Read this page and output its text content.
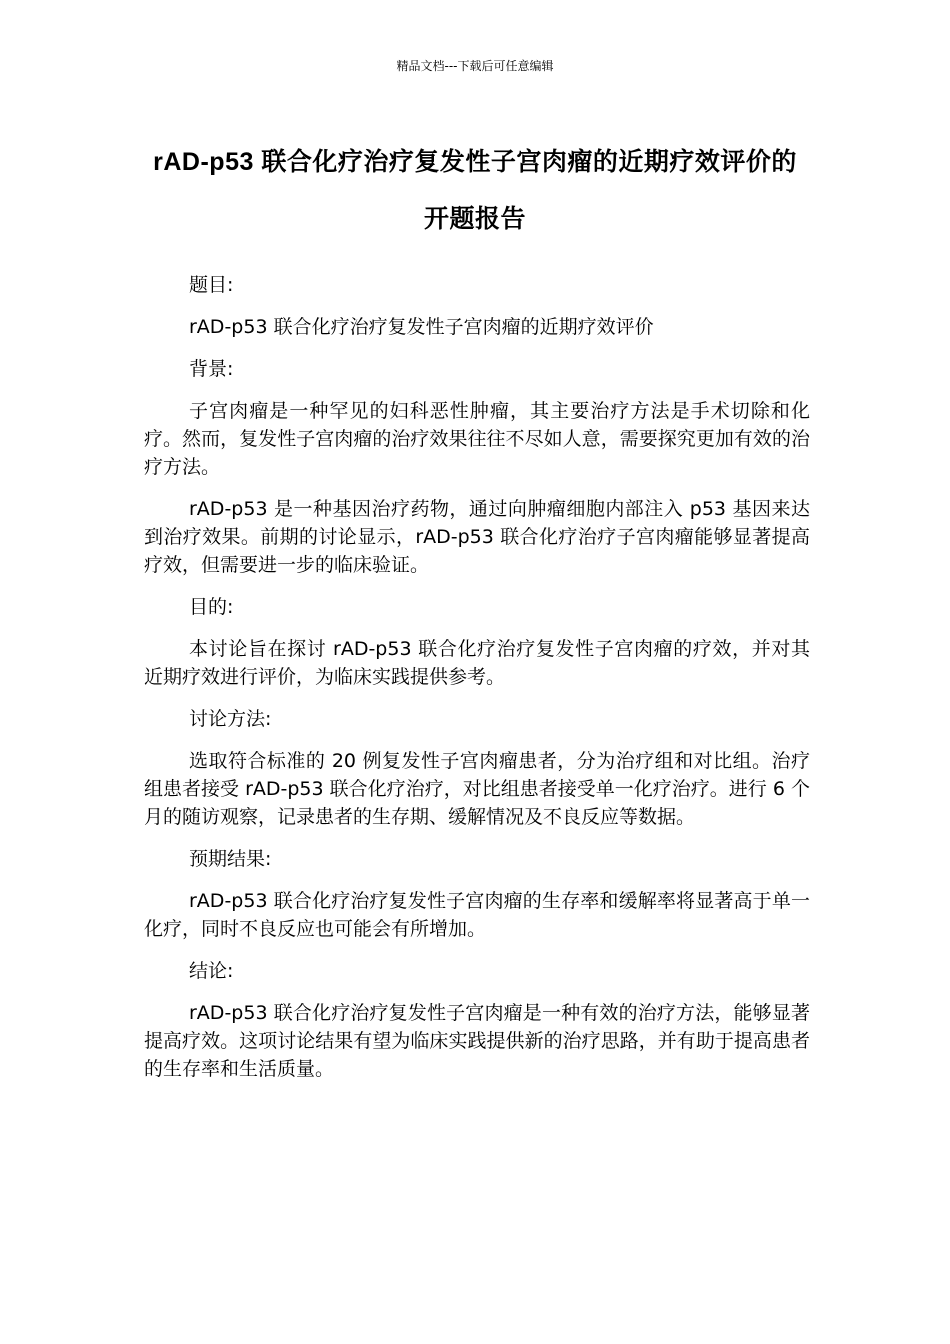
精品文档---下载后可任意编辑
rAD-p53 联合化疗治疗复发性子宫肉瘤的近期疗效评价的开题报告

题目:

rAD-p53 联合化疗治疗复发性子宫肉瘤的近期疗效评价

背景:

子宫肉瘤是一种罕见的妇科恶性肿瘤，其主要治疗方法是手术切除和化疗。然而，复发性子宫肉瘤的治疗效果往往不尽如人意，需要探究更加有效的治疗方法。

rAD-p53 是一种基因治疗药物，通过向肿瘤细胞内部注入 p53 基因来达到治疗效果。前期的讨论显示，rAD-p53 联合化疗治疗子宫肉瘤能够显著提高疗效，但需要进一步的临床验证。

目的:

本讨论旨在探讨 rAD-p53 联合化疗治疗复发性子宫肉瘤的疗效，并对其近期疗效进行评价，为临床实践提供参考。

讨论方法:

选取符合标准的 20 例复发性子宫肉瘤患者，分为治疗组和对比组。治疗组患者接受 rAD-p53 联合化疗治疗，对比组患者接受单一化疗治疗。进行 6 个月的随访观察，记录患者的生存期、缓解情况及不良反应等数据。

预期结果:

rAD-p53 联合化疗治疗复发性子宫肉瘤的生存率和缓解率将显著高于单一化疗，同时不良反应也可能会有所增加。

结论:

rAD-p53 联合化疗治疗复发性子宫肉瘤是一种有效的治疗方法，能够显著提高疗效。这项讨论结果有望为临床实践提供新的治疗思路，并有助于提高患者的生存率和生活质量。
